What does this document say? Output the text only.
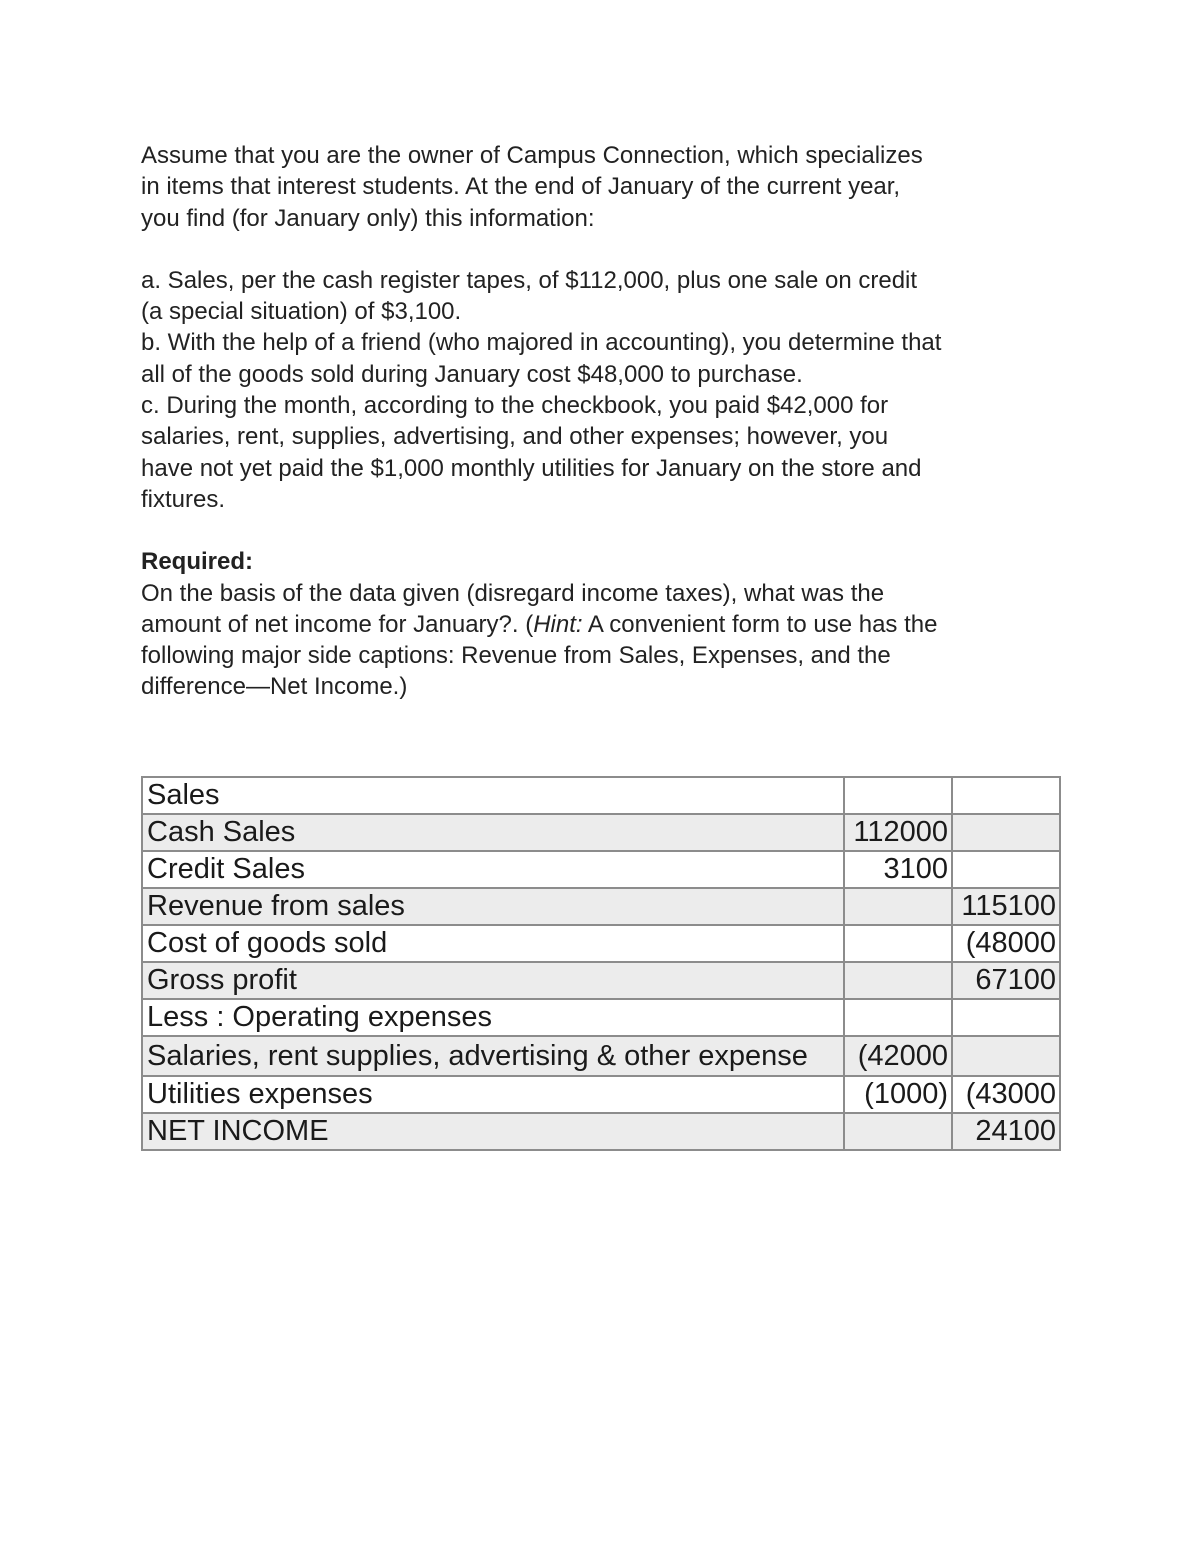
Assume that you are the owner of Campus Connection, which specializes
in items that interest students. At the end of January of the current year,
you find (for January only) this information:

a. Sales, per the cash register tapes, of $112,000, plus one sale on credit
(a special situation) of $3,100.
b. With the help of a friend (who majored in accounting), you determine that
all of the goods sold during January cost $48,000 to purchase.
c. During the month, according to the checkbook, you paid $42,000 for
salaries, rent, supplies, advertising, and other expenses; however, you
have not yet paid the $1,000 monthly utilities for January on the store and
fixtures.

Required:
On the basis of the data given (disregard income taxes), what was the
amount of net income for January?. (Hint: A convenient form to use has the
following major side captions: Revenue from Sales, Expenses, and the
difference—Net Income.)

Sales		
Cash Sales	112000	
Credit Sales	3100	
Revenue from sales		115100
Cost of goods sold		(48000
Gross profit		67100
Less : Operating expenses		
Salaries, rent supplies, advertising & other expense	(42000	
Utilities expenses	(1000)	(43000
NET INCOME		24100
